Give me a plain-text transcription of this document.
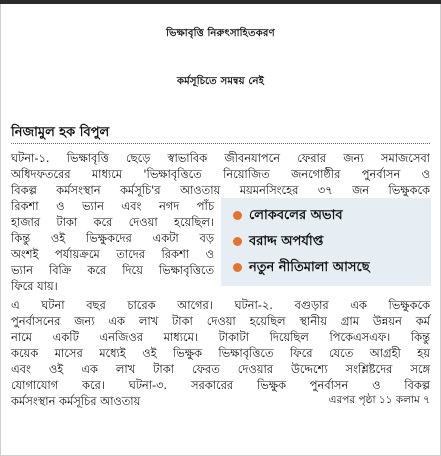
ভিক্ষাবৃত্তি নিরুৎসাহিতকরণ
কর্মসূচিতে সমন্বয় নেই
নিজামুল হক বিপুল
ঘটনা-১. ভিক্ষাবৃত্তি ছেড়ে স্বাভাবিক জীবনযাপনে ফেরার জন্য সমাজসেবা
অধিদফতরের মাধ্যমে 'ভিক্ষাবৃত্তিতে নিয়োজিত জনগোষ্ঠীর পুনর্বাসন ও
বিকল্প কর্মসংস্থান কর্মসূচি'র আওতায় ময়মনসিংহের ৩৭ জন ভিক্ষুককে
রিকশা ও ভ্যান এবং নগদ পাঁচ
হাজার টাকা করে দেওয়া হয়েছিল।
কিন্তু ওই ভিক্ষুকদের একটা বড়
অংশই পর্যায়ক্রমে তাদের রিকশা ও
ভ্যান বিক্রি করে দিয়ে ভিক্ষাবৃত্তিতে
ফিরে যায়।
লোকবলের অভাব
বরাদ্দ অপর্যাপ্ত
নতুন নীতিমালা আসছে
এ ঘটনা বছর চারেক আগের। ঘটনা-২. বগুড়ার এক ভিক্ষুককে
পুনর্বাসনের জন্য এক লাখ টাকা দেওয়া হয়েছিল স্থানীয় গ্রাম উন্নয়ন কর্ম
নামে একটি এনজিওর মাধ্যমে। টাকাটা দিয়েছিল পিকেএসএফ। কিন্তু
কয়েক মাসের মধ্যেই ওই ভিক্ষুক ভিক্ষাবৃত্তিতে ফিরে যেতে আগ্রহী হয়
এবং ওই এক লাখ টাকা ফেরত দেওয়ার উদ্দেশ্যে সংশ্লিষ্টদের সঙ্গে
যোগাযোগ করে। ঘটনা-৩. সরকারের ভিক্ষুক পুনর্বাসন ও বিকল্প
কর্মসংস্থান কর্মসূচির আওতায়	এরপর পৃষ্ঠা ১১ কলাম ৭
